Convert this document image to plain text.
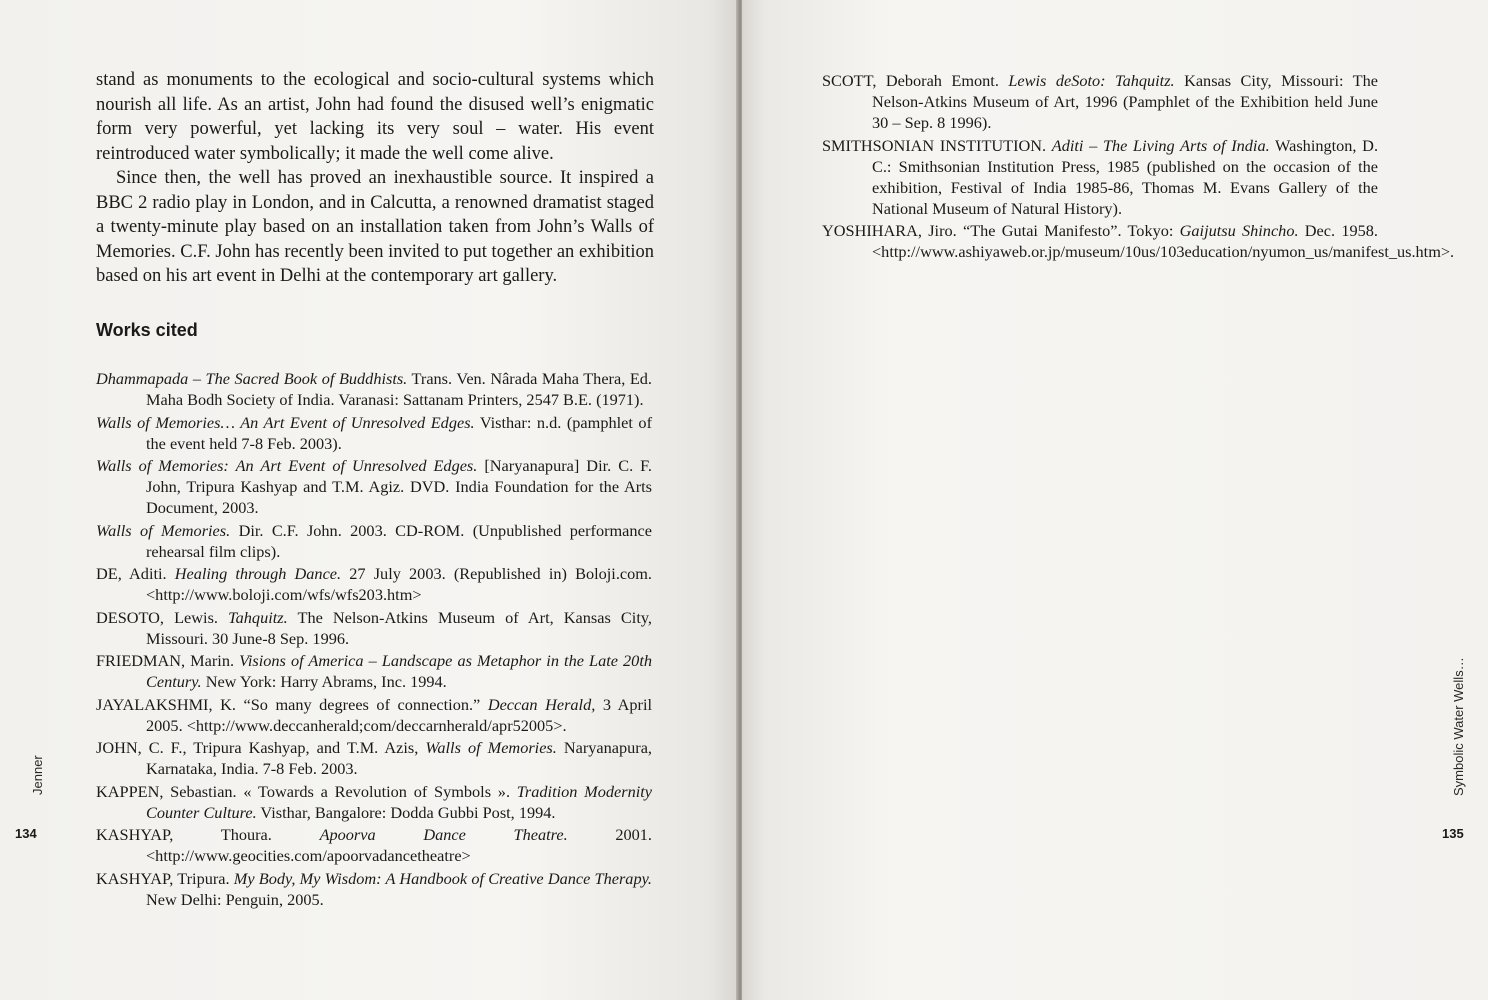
stand as monuments to the ecological and socio-cultural systems which nourish all life. As an artist, John had found the disused well’s enigmatic form very powerful, yet lacking its very soul – water. His event reintroduced water symbolically; it made the well come alive.

Since then, the well has proved an inexhaustible source. It inspired a BBC 2 radio play in London, and in Calcutta, a renowned dramatist staged a twenty-minute play based on an installation taken from John’s Walls of Memories. C.F. John has recently been invited to put together an exhibition based on his art event in Delhi at the contemporary art gallery.

Works cited

Dhammapada – The Sacred Book of Buddhists. Trans. Ven. Nârada Maha Thera, Ed. Maha Bodh Society of India. Varanasi: Sattanam Printers, 2547 B.E. (1971).

Walls of Memories… An Art Event of Unresolved Edges. Visthar: n.d. (pamphlet of the event held 7-8 Feb. 2003).

Walls of Memories: An Art Event of Unresolved Edges. [Naryanapura] Dir. C. F. John, Tripura Kashyap and T.M. Agiz. DVD. India Foundation for the Arts Document, 2003.

Walls of Memories. Dir. C.F. John. 2003. CD-ROM. (Unpublished performance rehearsal film clips).

DE, Aditi. Healing through Dance. 27 July 2003. (Republished in) Boloji.com. <http://www.boloji.com/wfs/wfs203.htm>

DESOTO, Lewis. Tahquitz. The Nelson-Atkins Museum of Art, Kansas City, Missouri. 30 June-8 Sep. 1996.

FRIEDMAN, Marin. Visions of America – Landscape as Metaphor in the Late 20th Century. New York: Harry Abrams, Inc. 1994.

JAYALAKSHMI, K. “So many degrees of connection.” Deccan Herald, 3 April 2005. <http://www.deccanherald;com/deccarnherald/apr52005>.

JOHN, C. F., Tripura Kashyap, and T.M. Azis, Walls of Memories. Naryanapura, Karnataka, India. 7-8 Feb. 2003.

KAPPEN, Sebastian. « Towards a Revolution of Symbols ». Tradition Modernity Counter Culture. Visthar, Bangalore: Dodda Gubbi Post, 1994.

KASHYAP, Thoura. Apoorva Dance Theatre. 2001. <http://www.geocities.com/apoorvadancetheatre>

KASHYAP, Tripura. My Body, My Wisdom: A Handbook of Creative Dance Therapy. New Delhi: Penguin, 2005.

Jenner
134

SCOTT, Deborah Emont. Lewis deSoto: Tahquitz. Kansas City, Missouri: The Nelson-Atkins Museum of Art, 1996 (Pamphlet of the Exhibition held June 30 – Sep. 8 1996).

SMITHSONIAN INSTITUTION. Aditi – The Living Arts of India. Washington, D. C.: Smithsonian Institution Press, 1985 (published on the occasion of the exhibition, Festival of India 1985-86, Thomas M. Evans Gallery of the National Museum of Natural History).

YOSHIHARA, Jiro. “The Gutai Manifesto”. Tokyo: Gaijutsu Shincho. Dec. 1958. <http://www.ashiyaweb.or.jp/museum/10us/103education/nyumon_us/manifest_us.htm>.

Symbolic Water Wells…
135
